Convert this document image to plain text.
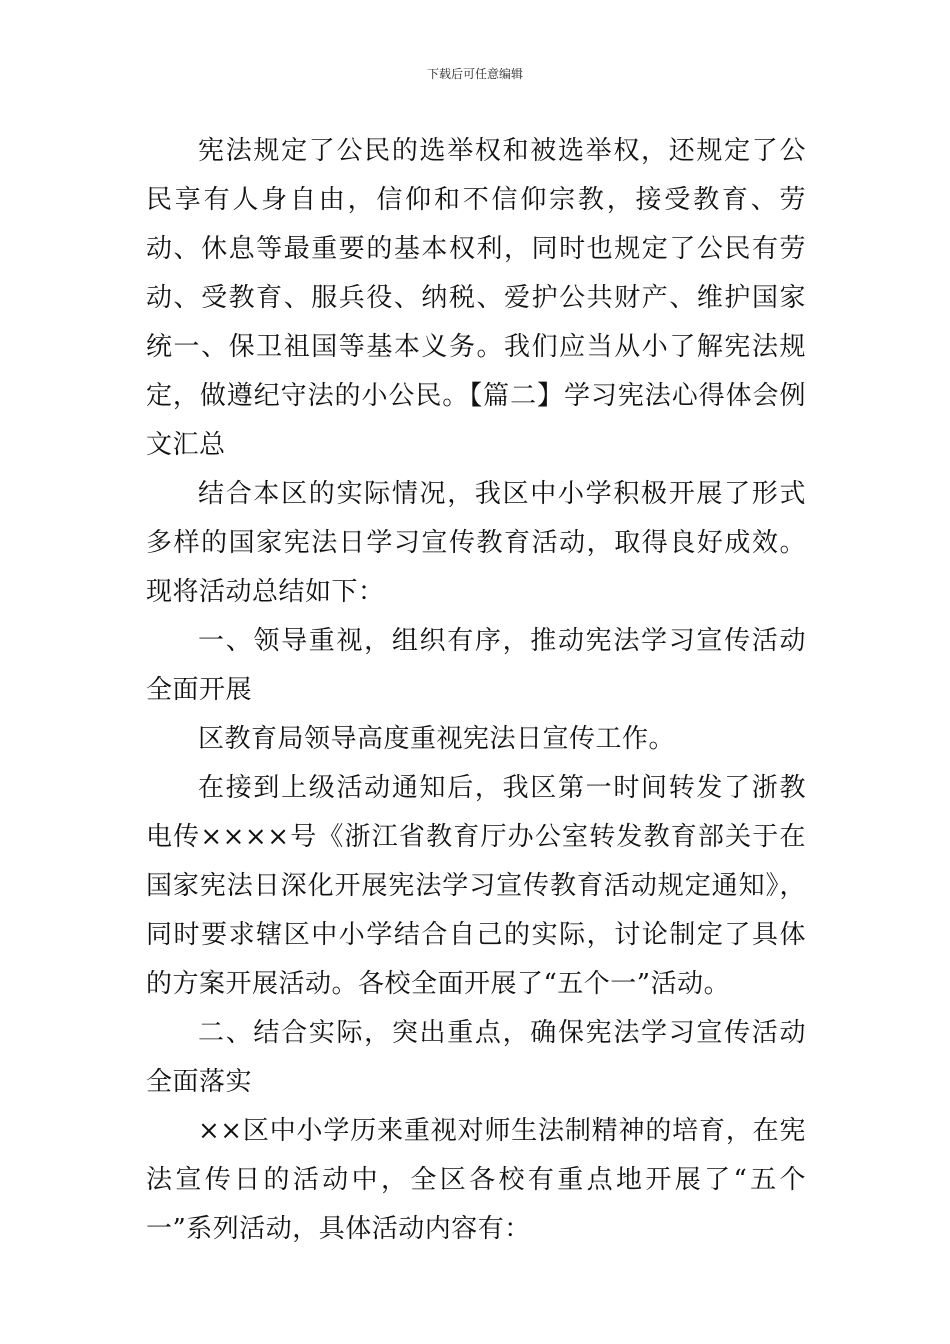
下载后可任意编辑

宪法规定了公民的选举权和被选举权，还规定了公民享有人身自由，信仰和不信仰宗教，接受教育、劳动、休息等最重要的基本权利，同时也规定了公民有劳动、受教育、服兵役、纳税、爱护公共财产、维护国家统一、保卫祖国等基本义务。我们应当从小了解宪法规定，做遵纪守法的小公民。【篇二】学习宪法心得体会例文汇总

结合本区的实际情况，我区中小学积极开展了形式多样的国家宪法日学习宣传教育活动，取得良好成效。现将活动总结如下：

一、领导重视，组织有序，推动宪法学习宣传活动全面开展

区教育局领导高度重视宪法日宣传工作。

在接到上级活动通知后，我区第一时间转发了浙教电传××××号《浙江省教育厅办公室转发教育部关于在国家宪法日深化开展宪法学习宣传教育活动规定通知》，同时要求辖区中小学结合自己的实际，讨论制定了具体的方案开展活动。各校全面开展了“五个一”活动。

二、结合实际，突出重点，确保宪法学习宣传活动全面落实

××区中小学历来重视对师生法制精神的培育，在宪法宣传日的活动中，全区各校有重点地开展了“五个一”系列活动，具体活动内容有：
